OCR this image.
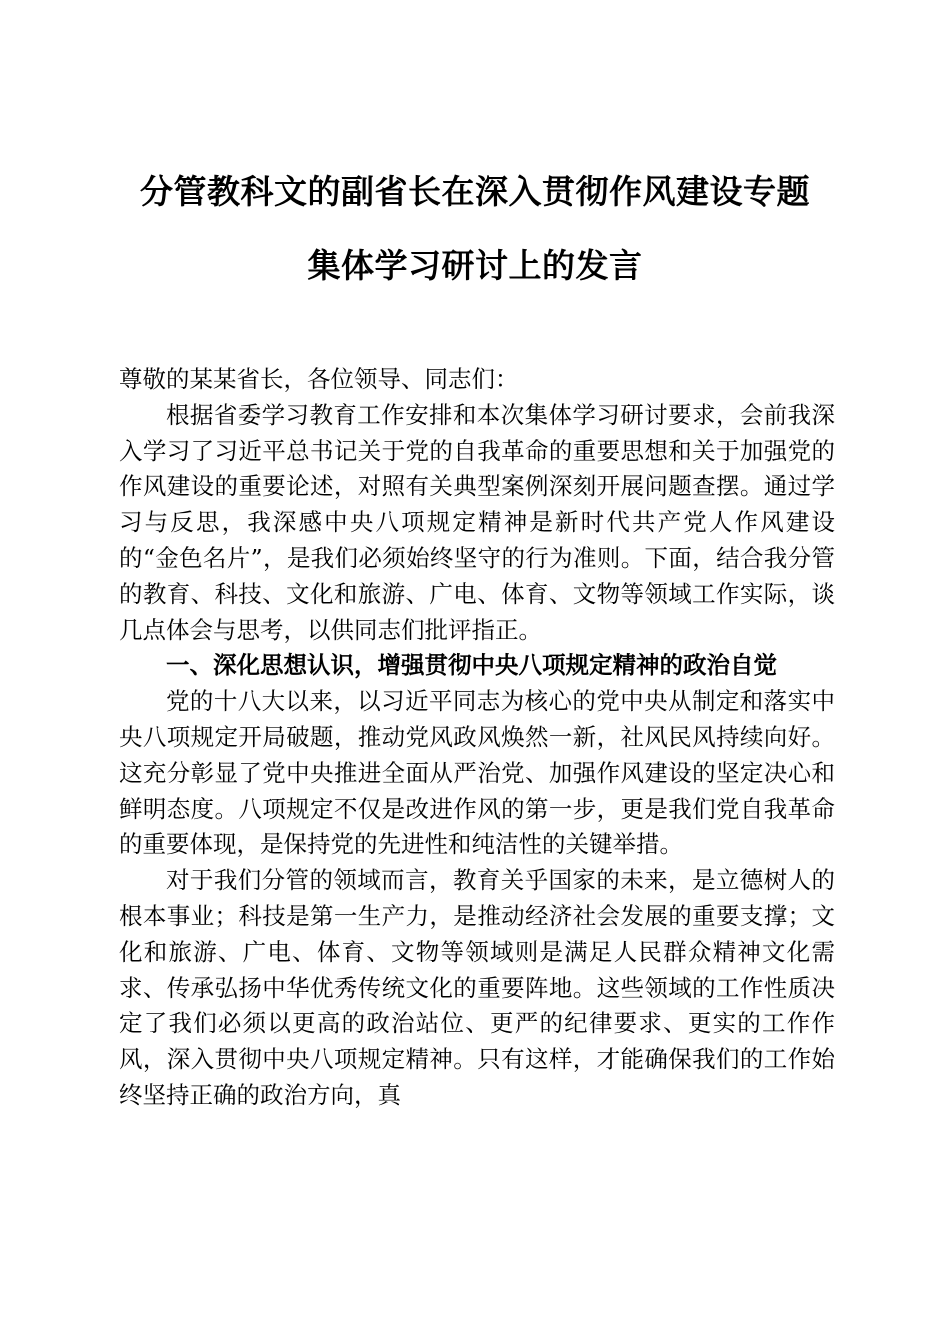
分管教科文的副省长在深入贯彻作风建设专题
集体学习研讨上的发言

尊敬的某某省长，各位领导、同志们：

根据省委学习教育工作安排和本次集体学习研讨要求，会前我深入学习了习近平总书记关于党的自我革命的重要思想和关于加强党的作风建设的重要论述，对照有关典型案例深刻开展问题查摆。通过学习与反思，我深感中央八项规定精神是新时代共产党人作风建设的“金色名片”，是我们必须始终坚守的行为准则。下面，结合我分管的教育、科技、文化和旅游、广电、体育、文物等领域工作实际，谈几点体会与思考，以供同志们批评指正。

一、深化思想认识，增强贯彻中央八项规定精神的政治自觉

党的十八大以来，以习近平同志为核心的党中央从制定和落实中央八项规定开局破题，推动党风政风焕然一新，社风民风持续向好。这充分彰显了党中央推进全面从严治党、加强作风建设的坚定决心和鲜明态度。八项规定不仅是改进作风的第一步，更是我们党自我革命的重要体现，是保持党的先进性和纯洁性的关键举措。

对于我们分管的领域而言，教育关乎国家的未来，是立德树人的根本事业；科技是第一生产力，是推动经济社会发展的重要支撑；文化和旅游、广电、体育、文物等领域则是满足人民群众精神文化需求、传承弘扬中华优秀传统文化的重要阵地。这些领域的工作性质决定了我们必须以更高的政治站位、更严的纪律要求、更实的工作作风，深入贯彻中央八项规定精神。只有这样，才能确保我们的工作始终坚持正确的政治方向，真
